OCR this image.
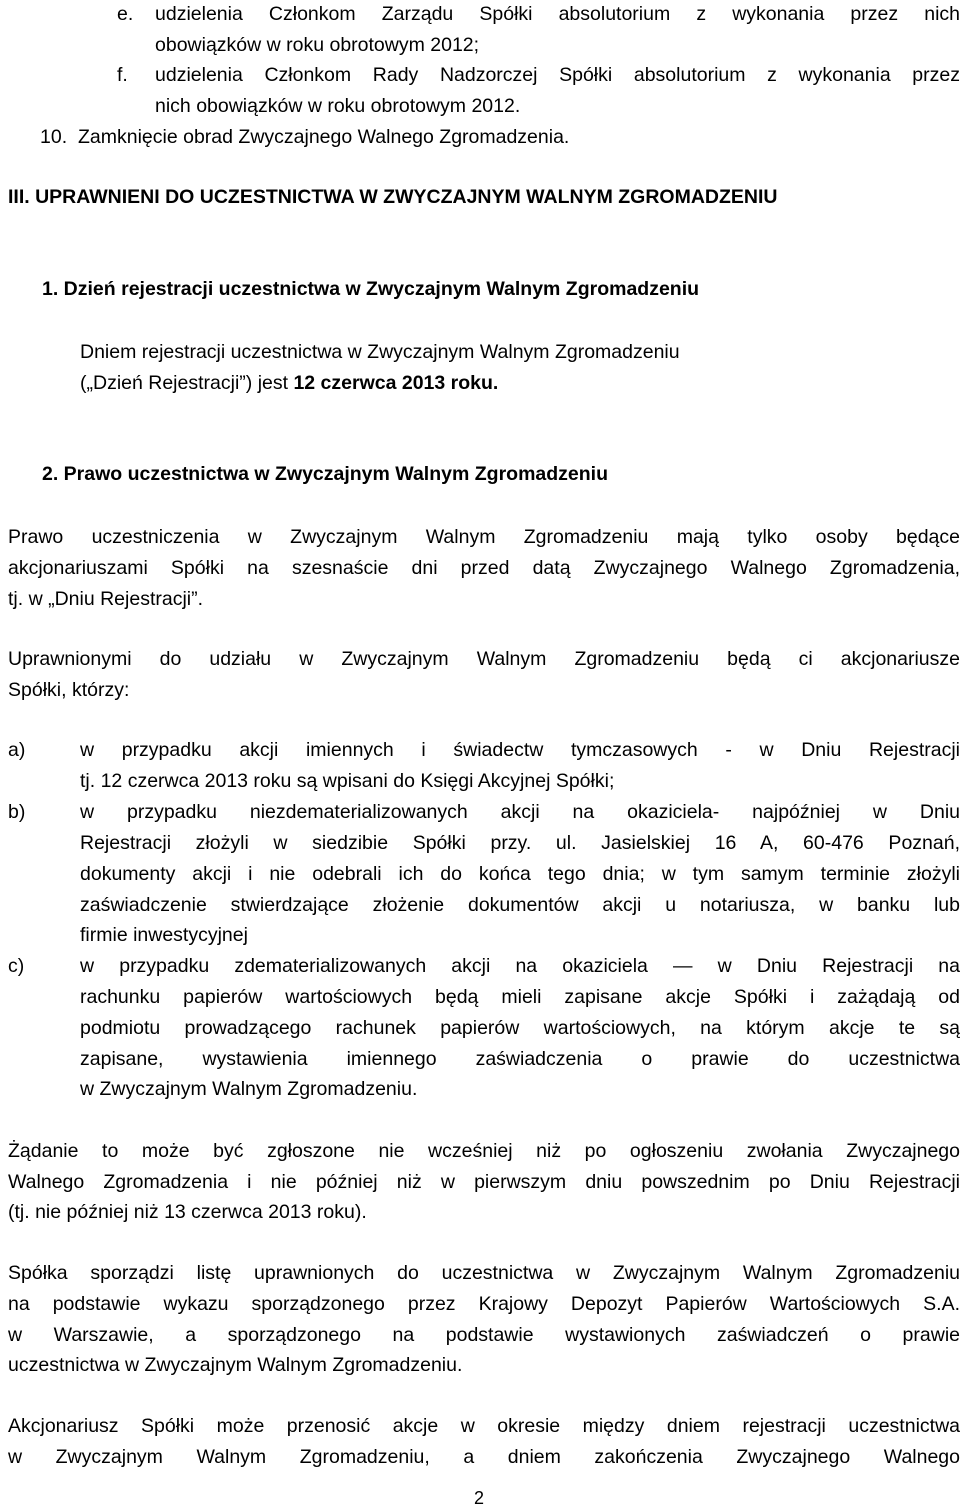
e. udzielenia Członkom Zarządu Spółki absolutorium z wykonania przez nich
obowiązków w roku obrotowym 2012;
f. udzielenia Członkom Rady Nadzorczej Spółki absolutorium z wykonania przez
nich obowiązków w roku obrotowym 2012.
10. Zamknięcie obrad Zwyczajnego Walnego Zgromadzenia.
III. UPRAWNIENI DO UCZESTNICTWA W ZWYCZAJNYM WALNYM ZGROMADZENIU
1. Dzień rejestracji uczestnictwa w Zwyczajnym Walnym Zgromadzeniu
Dniem rejestracji uczestnictwa w Zwyczajnym Walnym Zgromadzeniu
(„Dzień Rejestracji”) jest 12 czerwca 2013 roku.
2. Prawo uczestnictwa w Zwyczajnym Walnym Zgromadzeniu
Prawo uczestniczenia w Zwyczajnym Walnym Zgromadzeniu mają tylko osoby będące
akcjonariuszami Spółki na szesnaście dni przed datą Zwyczajnego Walnego Zgromadzenia,
tj. w „Dniu Rejestracji”.
Uprawnionymi do udziału w Zwyczajnym Walnym Zgromadzeniu będą ci akcjonariusze
Spółki, którzy:
a)	w przypadku akcji imiennych i świadectw tymczasowych - w Dniu Rejestracji
tj. 12 czerwca 2013 roku są wpisani do Księgi Akcyjnej Spółki;
b)	w przypadku niezdematerializowanych akcji na okaziciela- najpóźniej w Dniu
Rejestracji złożyli w siedzibie Spółki przy. ul. Jasielskiej 16 A, 60-476 Poznań,
dokumenty akcji i nie odebrali ich do końca tego dnia; w tym samym terminie złożyli
zaświadczenie stwierdzające złożenie dokumentów akcji u notariusza, w banku lub
firmie inwestycyjnej
c)	w przypadku zdematerializowanych akcji na okaziciela — w Dniu Rejestracji na
rachunku papierów wartościowych będą mieli zapisane akcje Spółki i zażądają od
podmiotu prowadzącego rachunek papierów wartościowych, na którym akcje te są
zapisane, wystawienia imiennego zaświadczenia o prawie do uczestnictwa
w Zwyczajnym Walnym Zgromadzeniu.
Żądanie to może być zgłoszone nie wcześniej niż po ogłoszeniu zwołania Zwyczajnego
Walnego Zgromadzenia i nie później niż w pierwszym dniu powszednim po Dniu Rejestracji
(tj. nie później niż 13 czerwca 2013 roku).
Spółka sporządzi listę uprawnionych do uczestnictwa w Zwyczajnym Walnym Zgromadzeniu
na podstawie wykazu sporządzonego przez Krajowy Depozyt Papierów Wartościowych S.A.
w Warszawie, a sporządzonego na podstawie wystawionych zaświadczeń o prawie
uczestnictwa w Zwyczajnym Walnym Zgromadzeniu.
Akcjonariusz Spółki może przenosić akcje w okresie między dniem rejestracji uczestnictwa
w Zwyczajnym Walnym Zgromadzeniu, a dniem zakończenia Zwyczajnego Walnego
2
